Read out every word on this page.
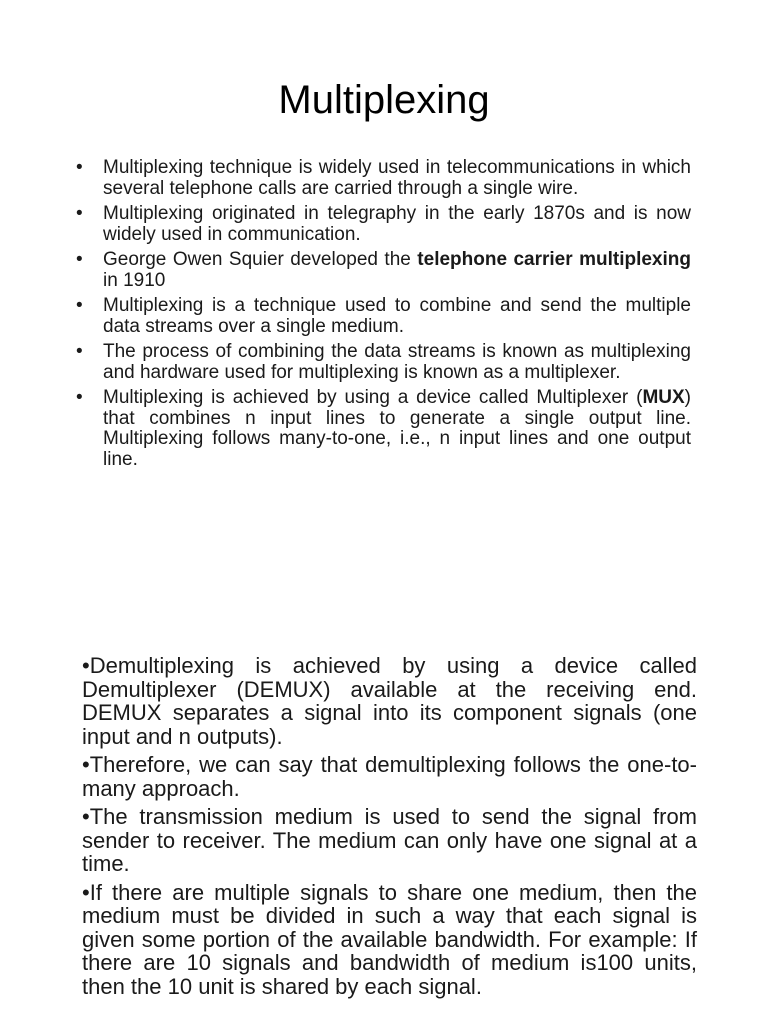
Multiplexing
• Multiplexing technique is widely used in telecommunications in which several telephone calls are carried through a single wire.
• Multiplexing originated in telegraphy in the early 1870s and is now widely used in communication.
• George Owen Squier developed the telephone carrier multiplexing in 1910
• Multiplexing is a technique used to combine and send the multiple data streams over a single medium.
• The process of combining the data streams is known as multiplexing and hardware used for multiplexing is known as a multiplexer.
• Multiplexing is achieved by using a device called Multiplexer (MUX) that combines n input lines to generate a single output line. Multiplexing follows many-to-one, i.e., n input lines and one output line.
•Demultiplexing is achieved by using a device called Demultiplexer (DEMUX) available at the receiving end. DEMUX separates a signal into its component signals (one input and n outputs).
•Therefore, we can say that demultiplexing follows the one-to-many approach.
•The transmission medium is used to send the signal from sender to receiver. The medium can only have one signal at a time.
•If there are multiple signals to share one medium, then the medium must be divided in such a way that each signal is given some portion of the available bandwidth. For example: If there are 10 signals and bandwidth of medium is100 units, then the 10 unit is shared by each signal.
